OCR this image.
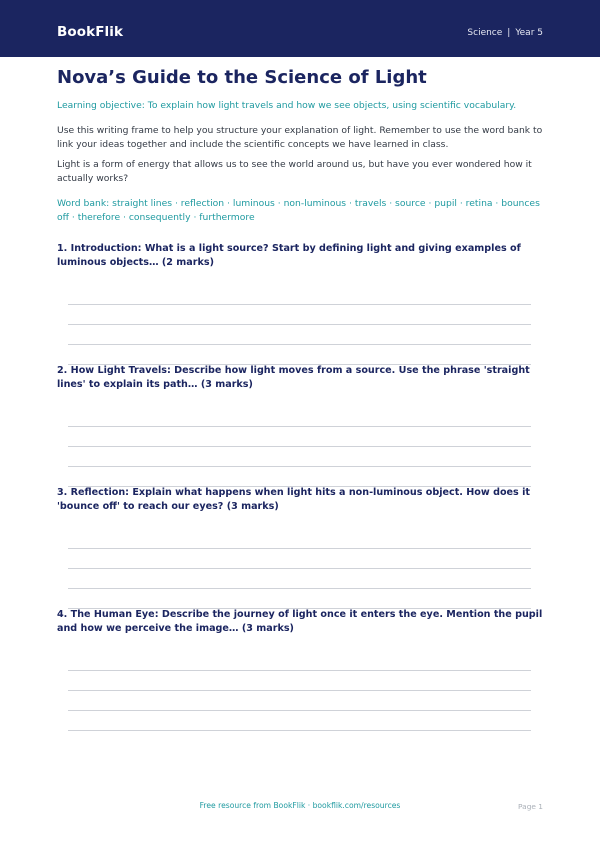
BookFlik	Science | Year 5
Nova’s Guide to the Science of Light

Learning objective: To explain how light travels and how we see objects, using scientific vocabulary.

Use this writing frame to help you structure your explanation of light. Remember to use the word bank to link your ideas together and include the scientific concepts we have learned in class.

Light is a form of energy that allows us to see the world around us, but have you ever wondered how it actually works?

Word bank: straight lines · reflection · luminous · non-luminous · travels · source · pupil · retina · bounces off · therefore · consequently · furthermore

1. Introduction: What is a light source? Start by defining light and giving examples of luminous objects… (2 marks)

2. How Light Travels: Describe how light moves from a source. Use the phrase 'straight lines' to explain its path… (3 marks)

3. Reflection: Explain what happens when light hits a non-luminous object. How does it 'bounce off' to reach our eyes? (3 marks)

4. The Human Eye: Describe the journey of light once it enters the eye. Mention the pupil and how we perceive the image… (3 marks)

Free resource from BookFlik · bookflik.com/resources	Page 1
